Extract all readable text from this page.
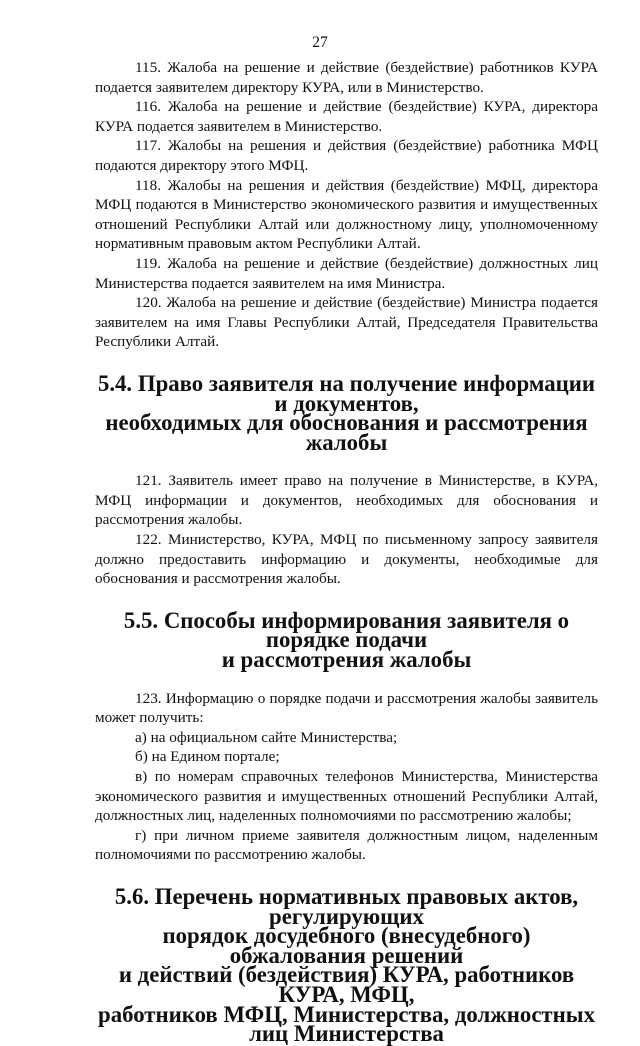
27

115. Жалоба на решение и действие (бездействие) работников КУРА подается заявителем директору КУРА, или в Министерство.

116. Жалоба на решение и действие (бездействие) КУРА, директора КУРА подается заявителем в Министерство.

117. Жалобы на решения и действия (бездействие) работника МФЦ подаются директору этого МФЦ.

118. Жалобы на решения и действия (бездействие) МФЦ, директора МФЦ подаются в Министерство экономического развития и имущественных отношений Республики Алтай или должностному лицу, уполномоченному нормативным правовым актом Республики Алтай.

119. Жалоба на решение и действие (бездействие) должностных лиц Министерства подается заявителем на имя Министра.

120. Жалоба на решение и действие (бездействие) Министра подается заявителем на имя Главы Республики Алтай, Председателя Правительства Республики Алтай.

5.4. Право заявителя на получение информации и документов,
необходимых для обоснования и рассмотрения жалобы

121. Заявитель имеет право на получение в Министерстве, в КУРА, МФЦ информации и документов, необходимых для обоснования и рассмотрения жалобы.

122. Министерство, КУРА, МФЦ по письменному запросу заявителя должно предоставить информацию и документы, необходимые для обоснования и рассмотрения жалобы.

5.5. Способы информирования заявителя о порядке подачи
и рассмотрения жалобы

123. Информацию о порядке подачи и рассмотрения жалобы заявитель может получить:

а) на официальном сайте Министерства;

б) на Едином портале;

в) по номерам справочных телефонов Министерства, Министерства экономического развития и имущественных отношений Республики Алтай, должностных лиц, наделенных полномочиями по рассмотрению жалобы;

г) при личном приеме заявителя должностным лицом, наделенным полномочиями по рассмотрению жалобы.

5.6. Перечень нормативных правовых актов, регулирующих
порядок досудебного (внесудебного) обжалования решений
и действий (бездействия) КУРА, работников КУРА, МФЦ,
работников МФЦ, Министерства, должностных
лиц Министерства
